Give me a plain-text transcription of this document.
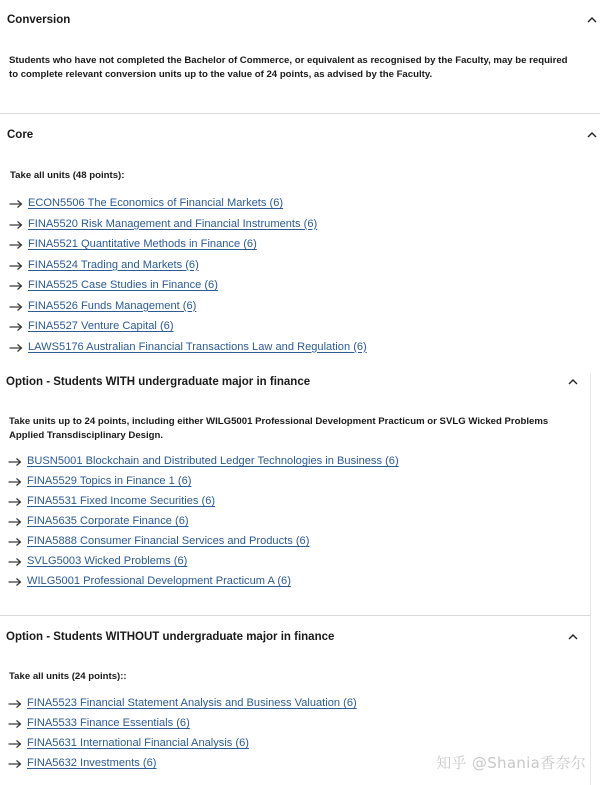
Conversion
Students who have not completed the Bachelor of Commerce, or equivalent as recognised by the Faculty, may be required
to complete relevant conversion units up to the value of 24 points, as advised by the Faculty.
Core
Take all units (48 points):
ECON5506 The Economics of Financial Markets (6)
FINA5520 Risk Management and Financial Instruments (6)
FINA5521 Quantitative Methods in Finance (6)
FINA5524 Trading and Markets (6)
FINA5525 Case Studies in Finance (6)
FINA5526 Funds Management (6)
FINA5527 Venture Capital (6)
LAWS5176 Australian Financial Transactions Law and Regulation (6)
Option - Students WITH undergraduate major in finance
Take units up to 24 points, including either WILG5001 Professional Development Practicum or SVLG Wicked Problems
Applied Transdisciplinary Design.
BUSN5001 Blockchain and Distributed Ledger Technologies in Business (6)
FINA5529 Topics in Finance 1 (6)
FINA5531 Fixed Income Securities (6)
FINA5635 Corporate Finance (6)
FINA5888 Consumer Financial Services and Products (6)
SVLG5003 Wicked Problems (6)
WILG5001 Professional Development Practicum A (6)
Option - Students WITHOUT undergraduate major in finance
Take all units (24 points)::
FINA5523 Financial Statement Analysis and Business Valuation (6)
FINA5533 Finance Essentials (6)
FINA5631 International Financial Analysis (6)
FINA5632 Investments (6)	知乎 @Shania香奈尔
